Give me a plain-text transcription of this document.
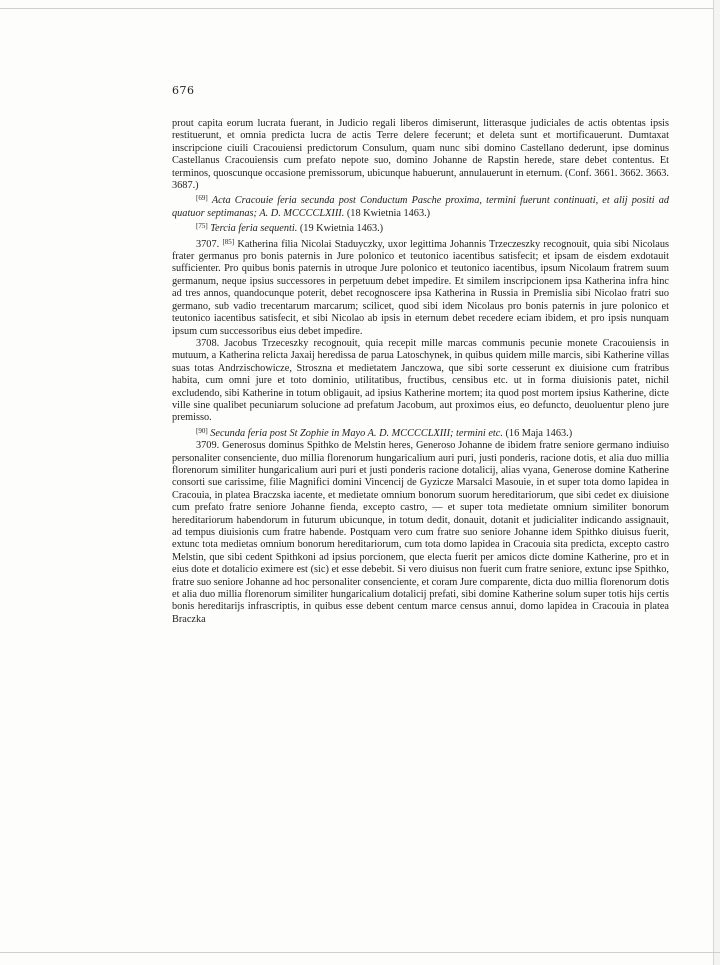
676

prout capita eorum lucrata fuerant, in Judicio regali liberos dimiserunt, litterasque judiciales de actis obtentas ipsis restituerunt, et omnia predicta lucra de actis Terre delere fecerunt; et deleta sunt et mortificauerunt. Dumtaxat inscripcione ciuili Cracouiensi predictorum Consulum, quam nunc sibi domino Castellano dederunt, ipse dominus Castellanus Cracouiensis cum prefato nepote suo, domino Johanne de Rapstin herede, stare debet contentus. Et terminos, quoscunque occasione premissorum, ubicunque habuerunt, annulauerunt in eternum. (Conf. 3661. 3662. 3663. 3687.)

[69] Acta Cracouie feria secunda post Conductum Pasche proxima, termini fuerunt continuati, et alij positi ad quatuor septimanas; A. D. MCCCCLXIII. (18 Kwietnia 1463.)

[75] Tercia feria sequenti. (19 Kwietnia 1463.)

3707. [85] Katherina filia Nicolai Staduyczky, uxor legittima Johannis Trzeczeszky recognouit, quia sibi Nicolaus frater germanus pro bonis paternis in Jure polonico et teutonico iacentibus satisfecit; et ipsam de eisdem exdotauit sufficienter. Pro quibus bonis paternis in utroque Jure polonico et teutonico iacentibus, ipsum Nicolaum fratrem suum germanum, neque ipsius successores in perpetuum debet impedire. Et similem inscripcionem ipsa Katherina infra hinc ad tres annos, quandocunque poterit, debet recognoscere ipsa Katherina in Russia in Premislia sibi Nicolao fratri suo germano, sub vadio trecentarum marcarum; scilicet, quod sibi idem Nicolaus pro bonis paternis in jure polonico et teutonico iacentibus satisfecit, et sibi Nicolao ab ipsis in eternum debet recedere eciam ibidem, et pro ipsis nunquam ipsum cum successoribus eius debet impedire.

3708. Jacobus Trzeceszky recognouit, quia recepit mille marcas communis pecunie monete Cracouiensis in mutuum, a Katherina relicta Jaxaij heredissa de parua Latoschynek, in quibus quidem mille marcis, sibi Katherine villas suas totas Andrzischowicze, Stroszna et medietatem Janczowa, que sibi sorte cesserunt ex diuisione cum fratribus habita, cum omni jure et toto dominio, utilitatibus, fructibus, censibus etc. ut in forma diuisionis patet, nichil excludendo, sibi Katherine in totum obligauit, ad ipsius Katherine mortem; ita quod post mortem ipsius Katherine, dicte ville sine qualibet pecuniarum solucione ad prefatum Jacobum, aut proximos eius, eo defuncto, deuoluentur pleno jure premisso.

[90] Secunda feria post St Zophie in Mayo A. D. MCCCCLXIII; termini etc. (16 Maja 1463.)

3709. Generosus dominus Spithko de Melstin heres, Generoso Johanne de ibidem fratre seniore germano indiuiso personaliter consenciente, duo millia florenorum hungaricalium auri puri, justi ponderis, racione dotis, et alia duo millia florenorum similiter hungaricalium auri puri et justi ponderis racione dotalicij, alias vyana, Generose domine Katherine consorti sue carissime, filie Magnifici domini Vincencij de Gyzicze Marsalci Masouie, in et super tota domo lapidea in Cracouia, in platea Braczska iacente, et medietate omnium bonorum suorum hereditariorum, que sibi cedet ex diuisione cum prefato fratre seniore Johanne fienda, excepto castro, — et super tota medietate omnium similiter bonorum hereditariorum habendorum in futurum ubicunque, in totum dedit, donauit, dotanit et judicialiter indicando assignauit, ad tempus diuisionis cum fratre habende. Postquam vero cum fratre suo seniore Johanne idem Spithko diuisus fuerit, extunc tota medietas omnium bonorum hereditariorum, cum tota domo lapidea in Cracouia sita predicta, excepto castro Melstin, que sibi cedent Spithkoni ad ipsius porcionem, que electa fuerit per amicos dicte domine Katherine, pro et in eius dote et dotalicio eximere est (sic) et esse debebit. Si vero diuisus non fuerit cum fratre seniore, extunc ipse Spithko, fratre suo seniore Johanne ad hoc personaliter consenciente, et coram Jure comparente, dicta duo millia florenorum dotis et alia duo millia florenorum similiter hungaricalium dotalicij prefati, sibi domine Katherine solum super totis hijs certis bonis hereditarijs infrascriptis, in quibus esse debent centum marce census annui, domo lapidea in Cracouia in platea Braczka
